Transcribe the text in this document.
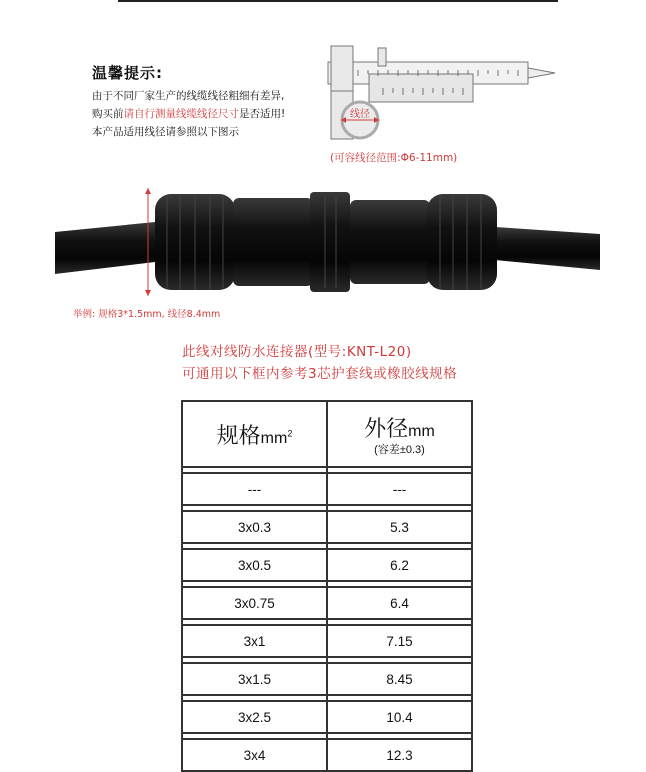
温馨提示:
由于不同厂家生产的线缆线径粗细有差异,
购买前请自行测量线缆线径尺寸是否适用!
本产品适用线径请参照以下图示
线径
(可容线径范围:Φ6-11mm)
举例: 规格3*1.5mm, 线径8.4mm
此线对线防水连接器(型号:KNT-L20)
可通用以下框内参考3芯护套线或橡胶线规格
规格$mm^2$	外径mm
(容差±0.3)

---	---

3x0.3	5.3

3x0.5	6.2

3x0.75	6.4

3x1	7.15

3x1.5	8.45

3x2.5	10.4

3x4	12.3
